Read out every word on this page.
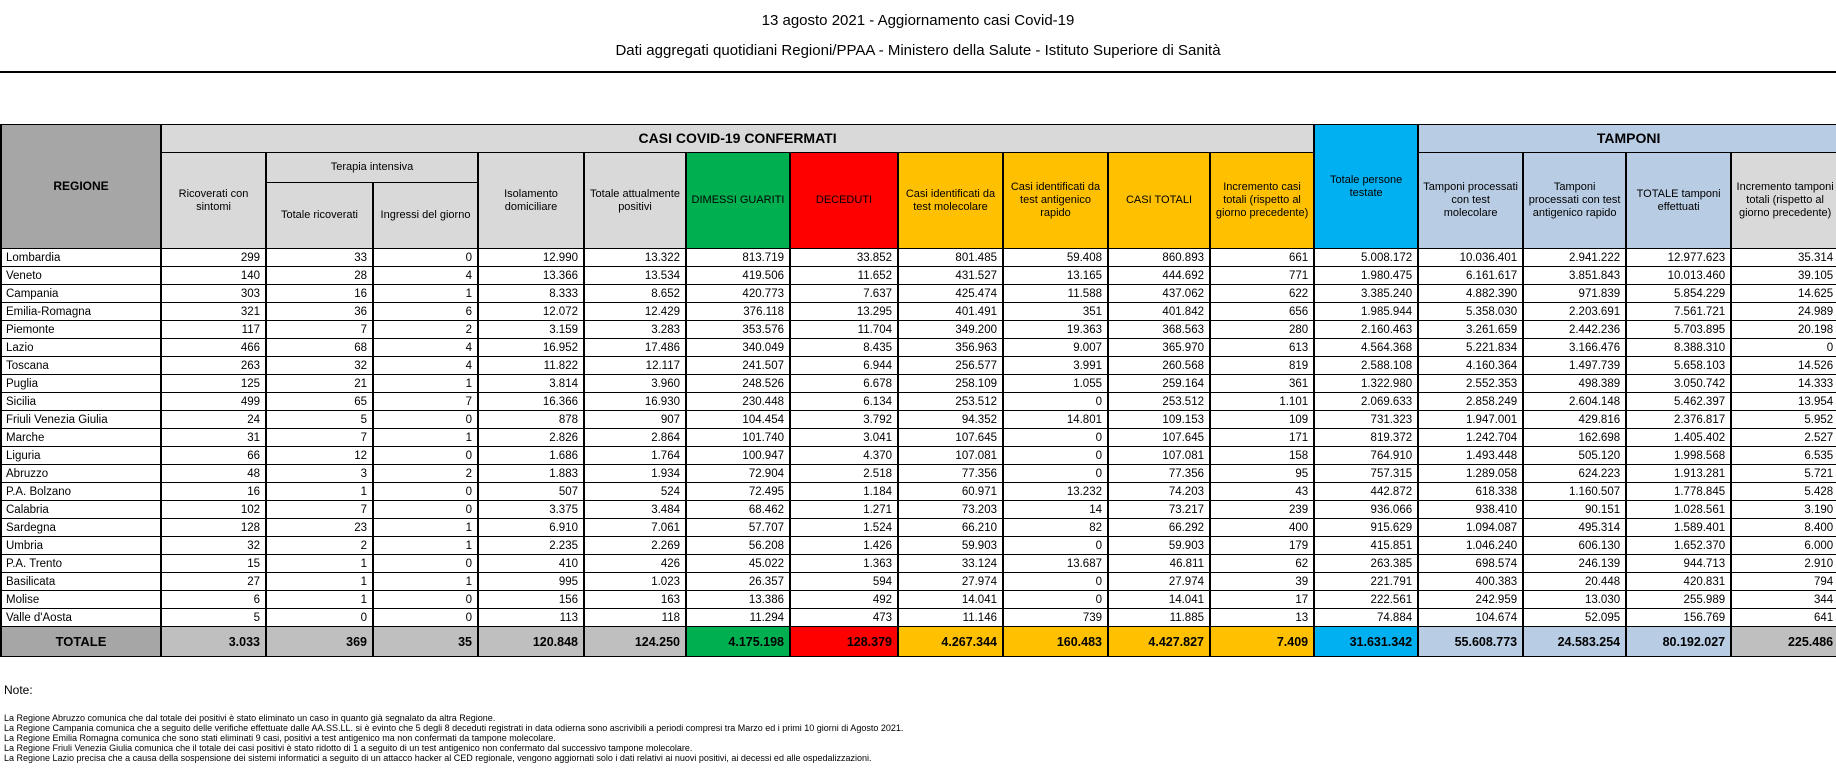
13 agosto 2021 - Aggiornamento casi Covid-19
Dati aggregati quotidiani Regioni/PPAA - Ministero della Salute - Istituto Superiore di Sanità
REGIONE	CASI COVID-19 CONFERMATI											Totale persone testate	TAMPONI			
	Ricoverati con sintomi	Terapia intensiva		Isolamento domiciliare	Totale attualmente positivi	DIMESSI GUARITI	DECEDUTI	Casi identificati da test molecolare	Casi identificati da test antigenico rapido	CASI TOTALI	Incremento casi totali (rispetto al giorno precedente)		Tamponi processati con test molecolare	Tamponi processati con test antigenico rapido	TOTALE tamponi effettuati	Incremento tamponi totali (rispetto al giorno precedente)
		Totale ricoverati	Ingressi del giorno													
Lombardia	299	33	0	12.990	13.322	813.719	33.852	801.485	59.408	860.893	661	5.008.172	10.036.401	2.941.222	12.977.623	35.314
Veneto	140	28	4	13.366	13.534	419.506	11.652	431.527	13.165	444.692	771	1.980.475	6.161.617	3.851.843	10.013.460	39.105
Campania	303	16	1	8.333	8.652	420.773	7.637	425.474	11.588	437.062	622	3.385.240	4.882.390	971.839	5.854.229	14.625
Emilia-Romagna	321	36	6	12.072	12.429	376.118	13.295	401.491	351	401.842	656	1.985.944	5.358.030	2.203.691	7.561.721	24.989
Piemonte	117	7	2	3.159	3.283	353.576	11.704	349.200	19.363	368.563	280	2.160.463	3.261.659	2.442.236	5.703.895	20.198
Lazio	466	68	4	16.952	17.486	340.049	8.435	356.963	9.007	365.970	613	4.564.368	5.221.834	3.166.476	8.388.310	0
Toscana	263	32	4	11.822	12.117	241.507	6.944	256.577	3.991	260.568	819	2.588.108	4.160.364	1.497.739	5.658.103	14.526
Puglia	125	21	1	3.814	3.960	248.526	6.678	258.109	1.055	259.164	361	1.322.980	2.552.353	498.389	3.050.742	14.333
Sicilia	499	65	7	16.366	16.930	230.448	6.134	253.512	0	253.512	1.101	2.069.633	2.858.249	2.604.148	5.462.397	13.954
Friuli Venezia Giulia	24	5	0	878	907	104.454	3.792	94.352	14.801	109.153	109	731.323	1.947.001	429.816	2.376.817	5.952
Marche	31	7	1	2.826	2.864	101.740	3.041	107.645	0	107.645	171	819.372	1.242.704	162.698	1.405.402	2.527
Liguria	66	12	0	1.686	1.764	100.947	4.370	107.081	0	107.081	158	764.910	1.493.448	505.120	1.998.568	6.535
Abruzzo	48	3	2	1.883	1.934	72.904	2.518	77.356	0	77.356	95	757.315	1.289.058	624.223	1.913.281	5.721
P.A. Bolzano	16	1	0	507	524	72.495	1.184	60.971	13.232	74.203	43	442.872	618.338	1.160.507	1.778.845	5.428
Calabria	102	7	0	3.375	3.484	68.462	1.271	73.203	14	73.217	239	936.066	938.410	90.151	1.028.561	3.190
Sardegna	128	23	1	6.910	7.061	57.707	1.524	66.210	82	66.292	400	915.629	1.094.087	495.314	1.589.401	8.400
Umbria	32	2	1	2.235	2.269	56.208	1.426	59.903	0	59.903	179	415.851	1.046.240	606.130	1.652.370	6.000
P.A. Trento	15	1	0	410	426	45.022	1.363	33.124	13.687	46.811	62	263.385	698.574	246.139	944.713	2.910
Basilicata	27	1	1	995	1.023	26.357	594	27.974	0	27.974	39	221.791	400.383	20.448	420.831	794
Molise	6	1	0	156	163	13.386	492	14.041	0	14.041	17	222.561	242.959	13.030	255.989	344
Valle d'Aosta	5	0	0	113	118	11.294	473	11.146	739	11.885	13	74.884	104.674	52.095	156.769	641
TOTALE	3.033	369	35	120.848	124.250	4.175.198	128.379	4.267.344	160.483	4.427.827	7.409	31.631.342	55.608.773	24.583.254	80.192.027	225.486
Note:
La Regione Abruzzo comunica che dal totale dei positivi è stato eliminato un caso in quanto già segnalato da altra Regione.
La Regione Campania comunica che a seguito delle verifiche effettuate dalle AA.SS.LL. si è evinto che 5 degli 8 deceduti registrati in data odierna sono ascrivibili a periodi compresi tra Marzo ed i primi 10 giorni di Agosto 2021.
La Regione Emilia Romagna comunica che sono stati eliminati 9 casi, positivi a test antigenico ma non confermati da tampone molecolare.
La Regione Friuli Venezia Giulia comunica che il totale dei casi positivi è stato ridotto di 1 a seguito di un test antigenico non confermato dal successivo tampone molecolare.
La Regione Lazio precisa che a causa della sospensione dei sistemi informatici a seguito di un attacco hacker al CED regionale, vengono aggiornati solo i dati relativi ai nuovi positivi, ai decessi ed alle ospedalizzazioni.
